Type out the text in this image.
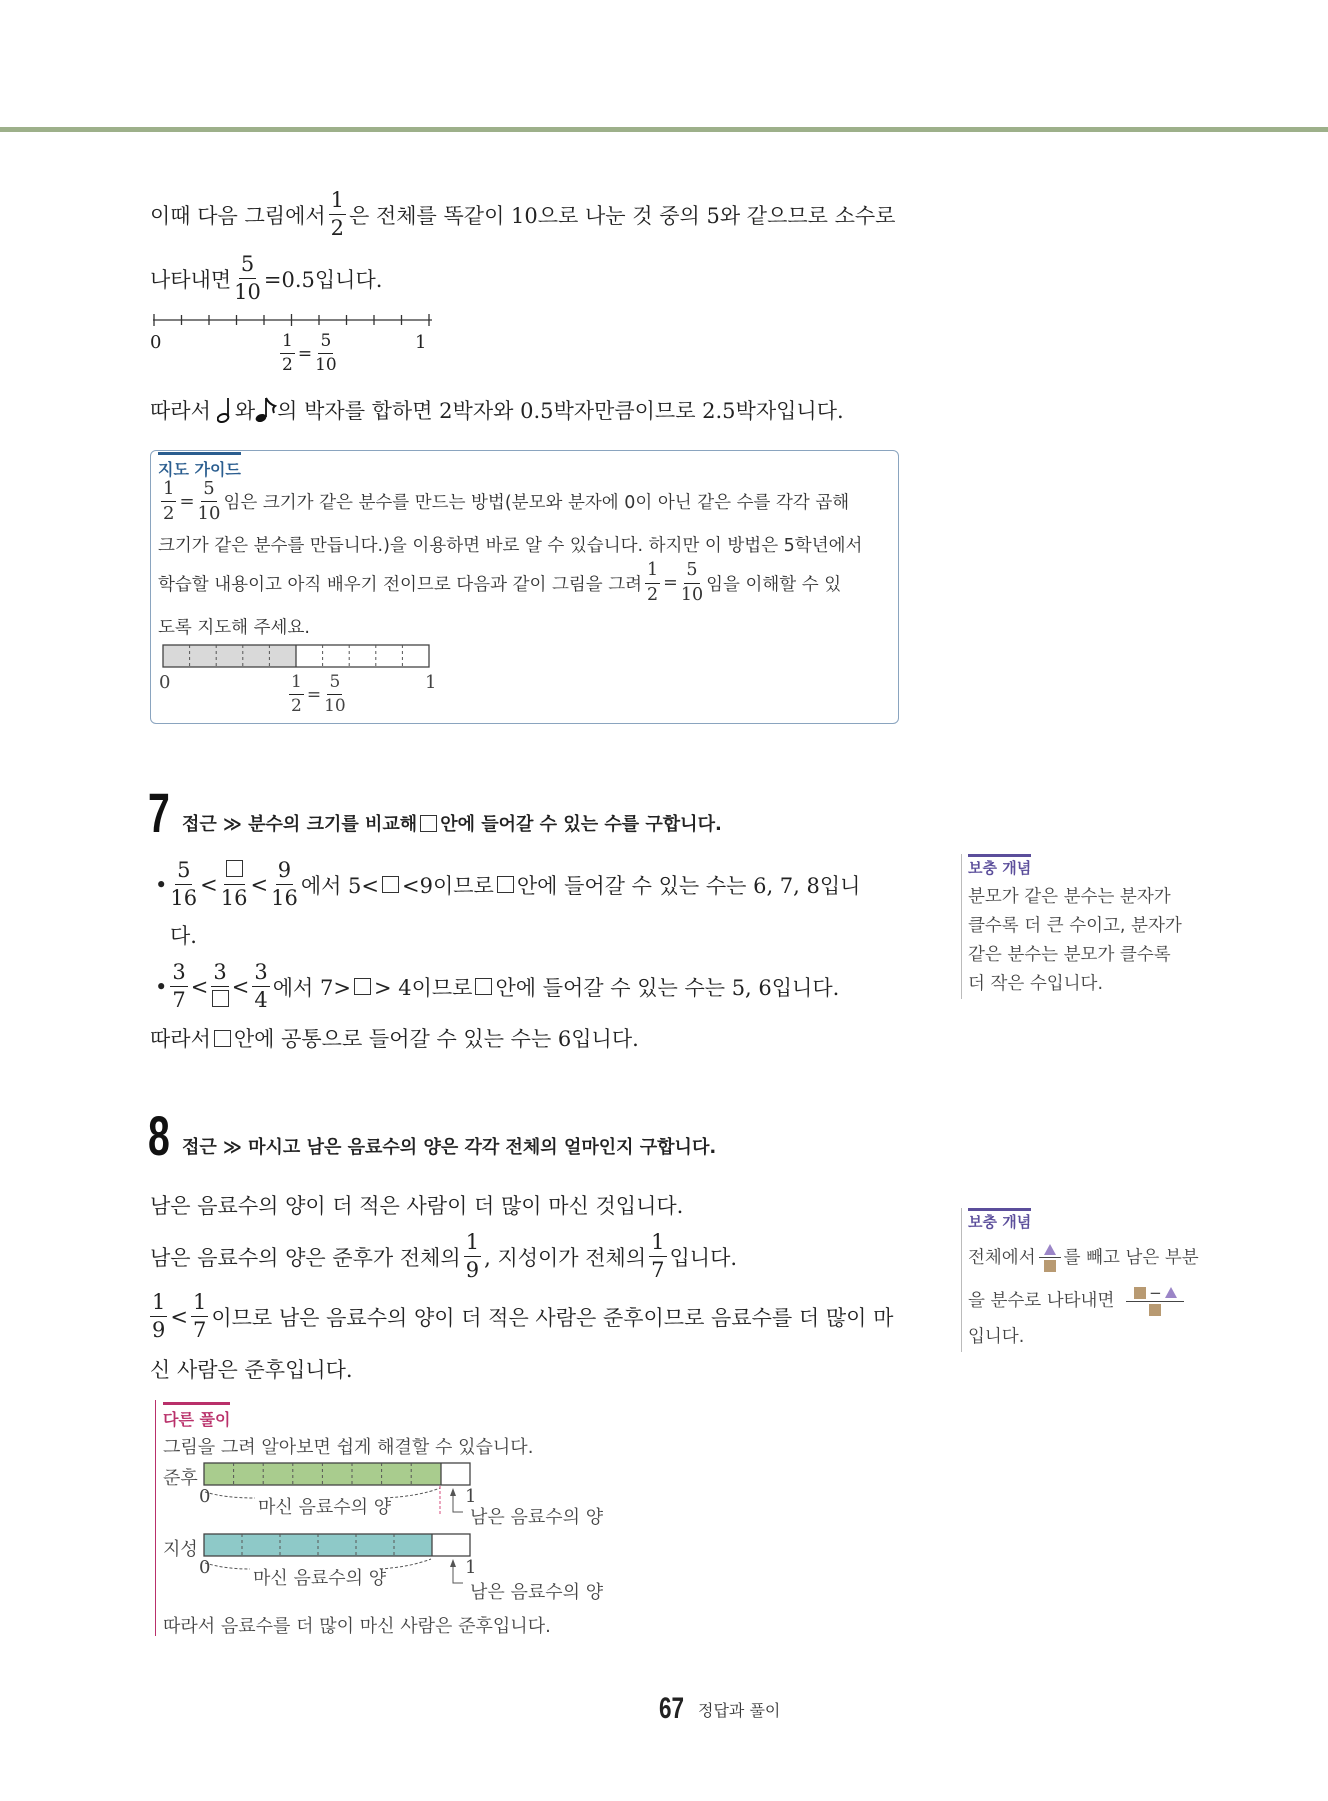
이때 다음 그림에서 $\frac{1}{2}$ 은 전체를 똑같이 10으로 나눈 것 중의 5와 같으므로 소수로
나타내면 $\frac{5}{10} =0.5$입니다.
0	1
$\frac{1}{2} = \frac{5}{10}$
따라서 와 의 박자를 합하면 2박자와 0.5박자만큼이므로 2.5박자입니다.
지도 가이드
$\frac{1}{2} = \frac{5}{10}$ 임은 크기가 같은 분수를 만드는 방법(분모와 분자에 0이 아닌 같은 수를 각각 곱해
크기가 같은 분수를 만듭니다.)을 이용하면 바로 알 수 있습니다. 하지만 이 방법은 5학년에서
학습할 내용이고 아직 배우기 전이므로 다음과 같이 그림을 그려 $\frac{1}{2} = \frac{5}{10}$ 임을 이해할 수 있
도록 지도해 주세요.
0	1
$\frac{1}{2} = \frac{5}{10}$
7 접근 ≫ 분수의 크기를 비교해 안에 들어갈 수 있는 수를 구합니다.
• $\frac{5}{16}$ <
16
< $\frac{9}{16}$ 에서 5< <9이므로 안에 들어갈 수 있는 수는 6, 7, 8입니
다.
• $\frac{3}{7}$ <
3
< $\frac{3}{4}$ 에서 7> > 4이므로 안에 들어갈 수 있는 수는 5, 6입니다.
따라서 안에 공통으로 들어갈 수 있는 수는 6입니다.
보충 개념
분모가 같은 분수는 분자가
클수록 더 큰 수이고, 분자가
같은 분수는 분모가 클수록
더 작은 수입니다.
8 접근 ≫ 마시고 남은 음료수의 양은 각각 전체의 얼마인지 구합니다.
남은 음료수의 양이 더 적은 사람이 더 많이 마신 것입니다.
남은 음료수의 양은 준후가 전체의 $\frac{1}{9}$ , 지성이가 전체의 $\frac{1}{7}$ 입니다.
$\frac{1}{9} < \frac{1}{7}$ 이므로 남은 음료수의 양이 더 적은 사람은 준후이므로 음료수를 더 많이 마
신 사람은 준후입니다.
보충 개념
전체에서 를 빼고 남은 부분
을 분수로 나타내면 −
입니다.
다른 풀이
그림을 그려 알아보면 쉽게 해결할 수 있습니다.
준후
0
마신 음료수의 양
1
남은 음료수의 양
지성
0
마신 음료수의 양
1
남은 음료수의 양
따라서 음료수를 더 많이 마신 사람은 준후입니다.
67 정답과 풀이
